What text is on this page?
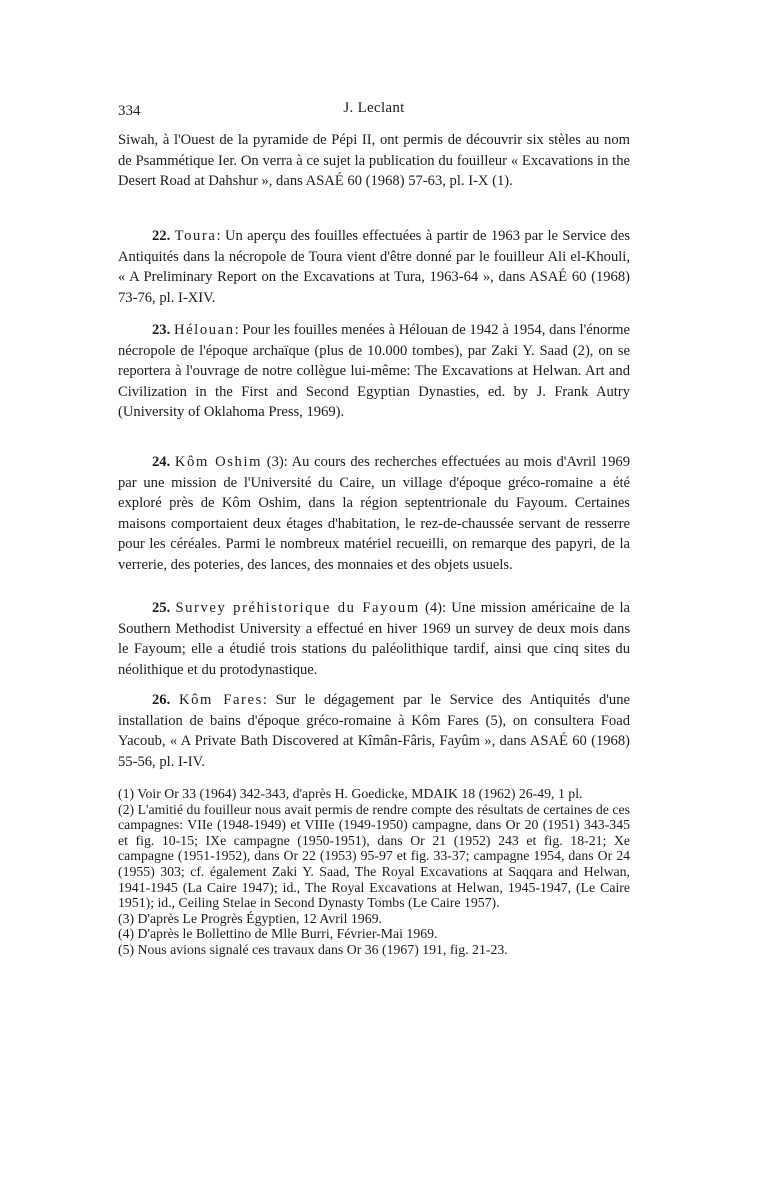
334	J. Leclant
Siwah, à l'Ouest de la pyramide de Pépi II, ont permis de découvrir six stèles au nom de Psammétique Ier. On verra à ce sujet la publication du fouilleur « Excavations in the Desert Road at Dahshur », dans ASAÉ 60 (1968) 57-63, pl. I-X (1).
22. Toura: Un aperçu des fouilles effectuées à partir de 1963 par le Service des Antiquités dans la nécropole de Toura vient d'être donné par le fouilleur Ali el-Khouli, « A Preliminary Report on the Excavations at Tura, 1963-64 », dans ASAÉ 60 (1968) 73-76, pl. I-XIV.
23. Hélouan: Pour les fouilles menées à Hélouan de 1942 à 1954, dans l'énorme nécropole de l'époque archaïque (plus de 10.000 tombes), par Zaki Y. Saad (2), on se reportera à l'ouvrage de notre collègue lui-même: The Excavations at Helwan. Art and Civilization in the First and Second Egyptian Dynasties, ed. by J. Frank Autry (University of Oklahoma Press, 1969).
24. Kôm Oshim (3): Au cours des recherches effectuées au mois d'Avril 1969 par une mission de l'Université du Caire, un village d'époque gréco-romaine a été exploré près de Kôm Oshim, dans la région septentrionale du Fayoum. Certaines maisons comportaient deux étages d'habitation, le rez-de-chaussée servant de resserre pour les céréales. Parmi le nombreux matériel recueilli, on remarque des papyri, de la verrerie, des poteries, des lances, des monnaies et des objets usuels.
25. Survey préhistorique du Fayoum (4): Une mission américaine de la Southern Methodist University a effectué en hiver 1969 un survey de deux mois dans le Fayoum; elle a étudié trois stations du paléolithique tardif, ainsi que cinq sites du néolithique et du protodynastique.
26. Kôm Fares: Sur le dégagement par le Service des Antiquités d'une installation de bains d'époque gréco-romaine à Kôm Fares (5), on consultera Foad Yacoub, « A Private Bath Discovered at Kîmân-Fâris, Fayûm », dans ASAÉ 60 (1968) 55-56, pl. I-IV.

(1) Voir Or 33 (1964) 342-343, d'après H. Goedicke, MDAIK 18 (1962) 26-49, 1 pl.

(2) L'amitié du fouilleur nous avait permis de rendre compte des résultats de certaines de ces campagnes: VIIe (1948-1949) et VIIIe (1949-1950) campagne, dans Or 20 (1951) 343-345 et fig. 10-15; IXe campagne (1950-1951), dans Or 21 (1952) 243 et fig. 18-21; Xe campagne (1951-1952), dans Or 22 (1953) 95-97 et fig. 33-37; campagne 1954, dans Or 24 (1955) 303; cf. également Zaki Y. Saad, The Royal Excavations at Saqqara and Helwan, 1941-1945 (La Caire 1947); id., The Royal Excavations at Helwan, 1945-1947, (Le Caire 1951); id., Ceiling Stelae in Second Dynasty Tombs (Le Caire 1957).

(3) D'après Le Progrès Égyptien, 12 Avril 1969.

(4) D'après le Bollettino de Mlle Burri, Février-Mai 1969.

(5) Nous avions signalé ces travaux dans Or 36 (1967) 191, fig. 21-23.
